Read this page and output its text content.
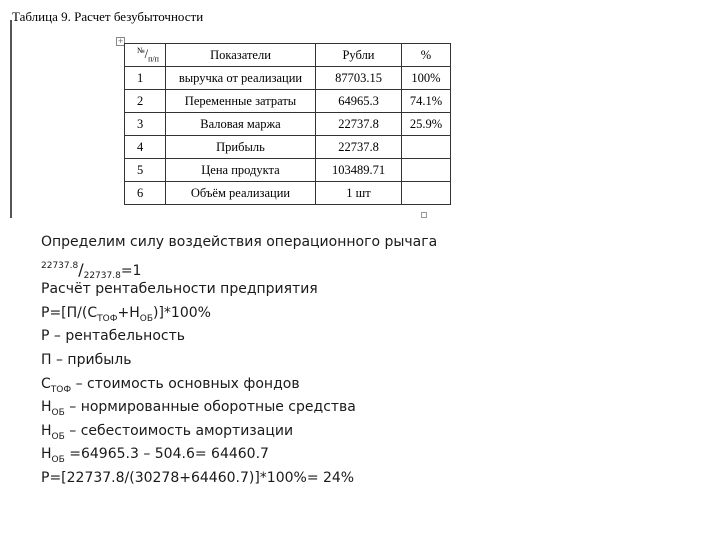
Таблица 9. Расчет безубыточности
+
$^№/_{п/п}$	Показатели	Рубли	%
1	выручка от реализации	87703.15	100%
2	Переменные затраты	64965.3	74.1%
3	Валовая маржа	22737.8	25.9%
4	Прибыль	22737.8	
5	Цена продукта	103489.71	
6	Объём реализации	1 шт	
Определим силу воздействия операционного рычага
$^{22737.8}/_{22737.8}=1$
Расчёт рентабельности предприятия
$Р=[П/(С_{ТОФ}+Н_{ОБ})]*100\%$
Р – рентабельность
П – прибыль
$С_{ТОФ}$ – стоимость основных фондов
$Н_{ОБ}$ – нормированные оборотные средства
$Н_{ОБ}$ – себестоимость амортизации
$Н_{ОБ} =64965.3 - 504.6= 64460.7$
Р=[22737.8/(30278+64460.7)]*100%= 24%
